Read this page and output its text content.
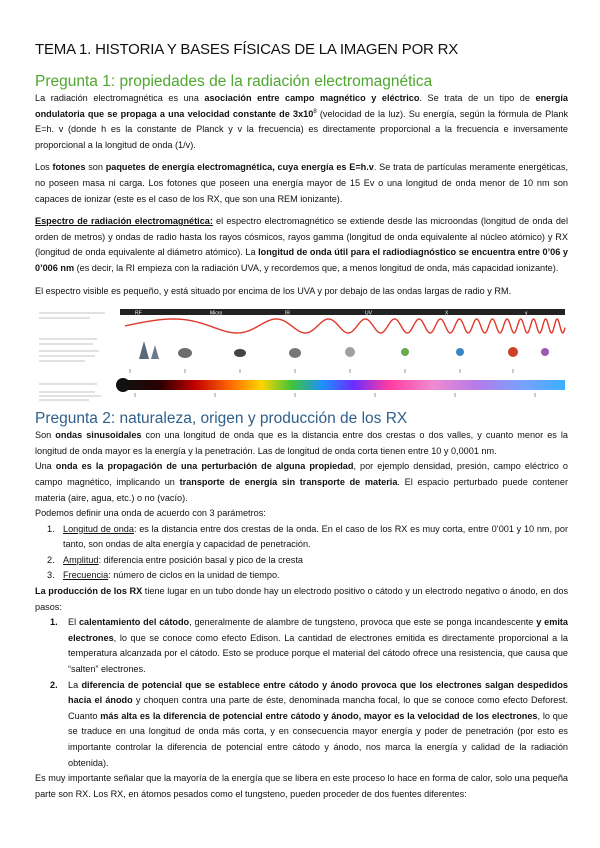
TEMA 1. HISTORIA Y BASES FÍSICAS DE LA IMAGEN POR RX
Pregunta 1: propiedades de la radiación electromagnética

La radiación electromagnética es una asociación entre campo magnético y eléctrico. Se trata de un tipo de energía ondulatoria que se propaga a una velocidad constante de $3x10^8$ (velocidad de la luz). Su energía, según la fórmula de Plank E=h. v (donde h es la constante de Planck y v la frecuencia) es directamente proporcional a la frecuencia e inversamente proporcional a la longitud de onda (1/v).

Los fotones son paquetes de energía electromagnética, cuya energía es E=h.v. Se trata de partículas meramente energéticas, no poseen masa ni carga. Los fotones que poseen una energía mayor de 15 Ev o una longitud de onda menor de 10 nm son capaces de ionizar (este es el caso de los RX, que son una REM ionizante).

Espectro de radiación electromagnética: el espectro electromagnético se extiende desde las microondas (longitud de onda del orden de metros) y ondas de radio hasta los rayos cósmicos, rayos gamma (longitud de onda equivalente al núcleo atómico) y RX (longitud de onda equivalente al diámetro atómico). La longitud de onda útil para el radiodiagnóstico se encuentra entre 0’06 y 0’006 nm (es decir, la RI empieza con la radiación UVA, y recordemos que, a menos longitud de onda, más capacidad ionizante).

El espectro visible es pequeño, y está situado por encima de los UVA y por debajo de las ondas largas de radio y RM.

RF	Micro	IR	UV	X	γ
Pregunta 2: naturaleza, origen y producción de los RX

Son ondas sinusoidales con una longitud de onda que es la distancia entre dos crestas o dos valles, y cuanto menor es la longitud de onda mayor es la energía y la penetración. Las de longitud de onda corta tienen entre 10 y 0,0001 nm.

Una onda es la propagación de una perturbación de alguna propiedad, por ejemplo densidad, presión, campo eléctrico o campo magnético, implicando un transporte de energía sin transporte de materia. El espacio perturbado puede contener materia (aire, agua, etc.) o no (vacío).

Podemos definir una onda de acuerdo con 3 parámetros:

1. Longitud de onda: es la distancia entre dos crestas de la onda. En el caso de los RX es muy corta, entre 0’001 y 10 nm, por tanto, son ondas de alta energía y capacidad de penetración.
2. Amplitud: diferencia entre posición basal y pico de la cresta
3. Frecuencia: número de ciclos en la unidad de tiempo.

La producción de los RX tiene lugar en un tubo donde hay un electrodo positivo o cátodo y un electrodo negativo o ánodo, en dos pasos:

1. El calentamiento del cátodo, generalmente de alambre de tungsteno, provoca que este se ponga incandescente y emita electrones, lo que se conoce como efecto Edison. La cantidad de electrones emitida es directamente proporcional a la temperatura alcanzada por el cátodo. Esto se produce porque el material del cátodo ofrece una resistencia, que causa que “salten” electrones.
2. La diferencia de potencial que se establece entre cátodo y ánodo provoca que los electrones salgan despedidos hacia el ánodo y choquen contra una parte de éste, denominada mancha focal, lo que se conoce como efecto Deforest. Cuanto más alta es la diferencia de potencial entre cátodo y ánodo, mayor es la velocidad de los electrones, lo que se traduce en una longitud de onda más corta, y en consecuencia mayor energía y poder de penetración (por esto es importante controlar la diferencia de potencial entre cátodo y ánodo, nos marca la energía y calidad de la radiación obtenida).

Es muy importante señalar que la mayoría de la energía que se libera en este proceso lo hace en forma de calor, solo una pequeña parte son RX. Los RX, en átomos pesados como el tungsteno, pueden proceder de dos fuentes diferentes:
